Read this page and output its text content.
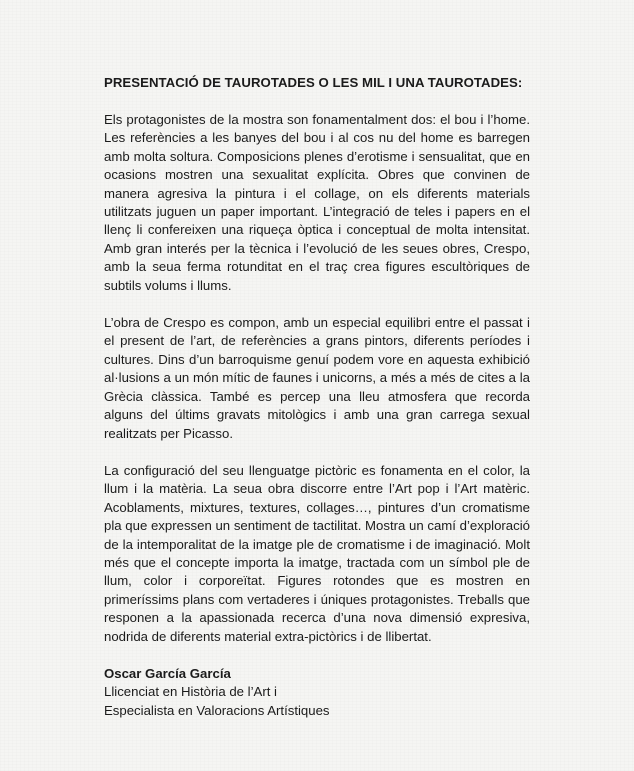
PRESENTACIÓ DE TAUROTADES O LES MIL I UNA TAUROTADES:

Els protagonistes de la mostra son fonamentalment dos: el bou i l’home. Les referències a les banyes del bou i al cos nu del home es barregen amb molta soltura. Composicions plenes d’erotisme i sensualitat, que en ocasions mostren una sexualitat explícita. Obres que convinen de manera agresiva la pintura i el collage, on els diferents materials utilitzats juguen un paper important. L’integració de teles i papers en el llenç li confereixen una riqueça òptica i conceptual de molta intensitat. Amb gran interés per la tècnica i l’evolució de les seues obres, Crespo, amb la seua ferma rotunditat en el traç crea figures escultòriques de subtils volums i llums.

L’obra de Crespo es compon, amb un especial equilibri entre el passat i el present de l’art, de referències a grans pintors, diferents períodes i cultures. Dins d’un barroquisme genuí podem vore en aquesta exhibició al·lusions a un món mític de faunes i unicorns, a més a més de cites a la Grècia clàssica. També es percep una lleu atmosfera que recorda alguns del últims gravats mitològics i amb una gran carrega sexual realitzats per Picasso.

La configuració del seu llenguatge pictòric es fonamenta en el color, la llum i la matèria. La seua obra discorre entre l’Art pop i l’Art matèric. Acoblaments, mixtures, textures, collages…, pintures d’un cromatisme pla que expressen un sentiment de tactilitat. Mostra un camí d’exploració de la intemporalitat de la imatge ple de cromatisme i de imaginació. Molt més que el concepte importa la imatge, tractada com un símbol ple de llum, color i corporeïtat. Figures rotondes que es mostren en primeríssims plans com vertaderes i úniques protagonistes. Treballs que responen a la apassionada recerca d’una nova dimensió expresiva, nodrida de diferents material extra-pictòrics i de llibertat.

Oscar García García
Llicenciat en Història de l’Art i
Especialista en Valoracions Artístiques
